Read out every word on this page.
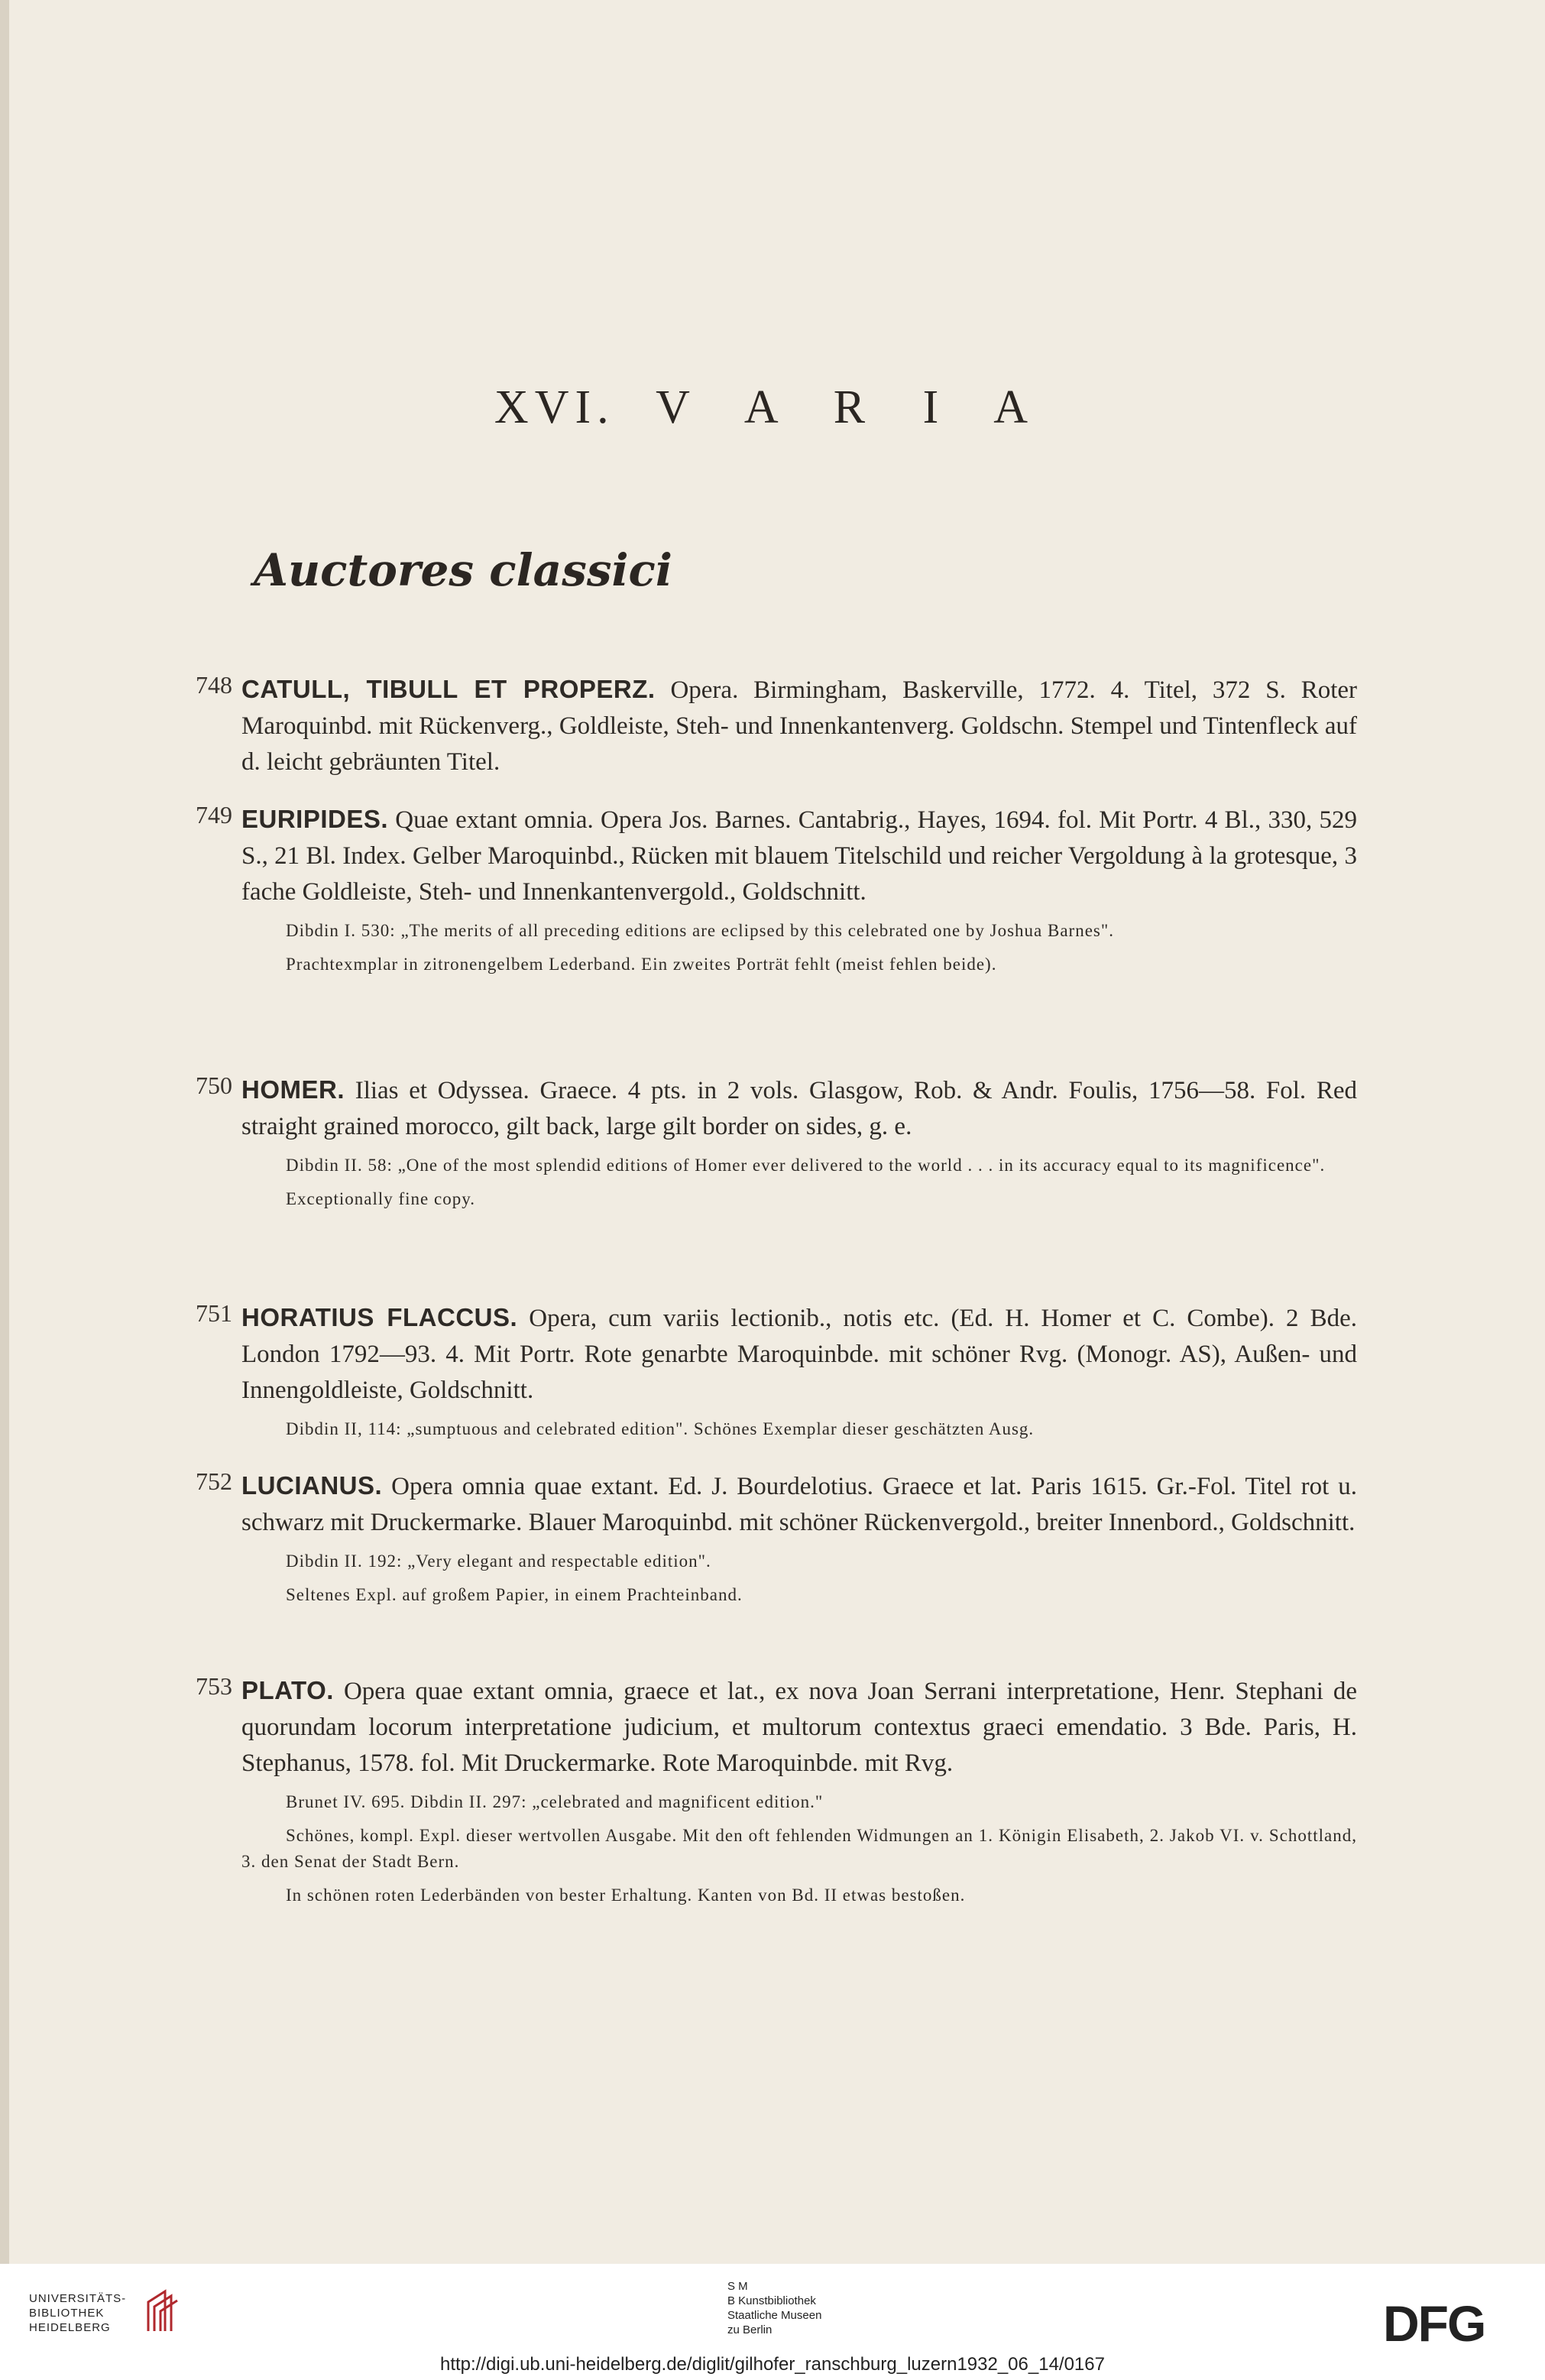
XVI. V A R I A
Auctores classici
748 CATULL, TIBULL ET PROPERZ. Opera. Birmingham, Baskerville, 1772. 4. Titel, 372 S. Roter Maroquinbd. mit Rückenverg., Goldleiste, Steh- und Innenkantenverg. Goldschn. Stempel und Tintenfleck auf d. leicht gebräunten Titel.

749 EURIPIDES. Quae extant omnia. Opera Jos. Barnes. Cantabrig., Hayes, 1694. fol. Mit Portr. 4 Bl., 330, 529 S., 21 Bl. Index. Gelber Maroquinbd., Rücken mit blauem Titelschild und reicher Vergoldung à la grotesque, 3 fache Goldleiste, Steh- und Innenkantenvergold., Goldschnitt.

Dibdin I. 530: „The merits of all preceding editions are eclipsed by this celebrated one by Joshua Barnes".

Prachtexmplar in zitronengelbem Lederband. Ein zweites Porträt fehlt (meist fehlen beide).

750 HOMER. Ilias et Odyssea. Graece. 4 pts. in 2 vols. Glasgow, Rob. & Andr. Foulis, 1756—58. Fol. Red straight grained morocco, gilt back, large gilt border on sides, g. e.

Dibdin II. 58: „One of the most splendid editions of Homer ever delivered to the world . . . in its accuracy equal to its magnificence".

Exceptionally fine copy.

751 HORATIUS FLACCUS. Opera, cum variis lectionib., notis etc. (Ed. H. Homer et C. Combe). 2 Bde. London 1792—93. 4. Mit Portr. Rote genarbte Maroquinbde. mit schöner Rvg. (Monogr. AS), Außen- und Innengoldleiste, Goldschnitt.

Dibdin II, 114: „sumptuous and celebrated edition". Schönes Exemplar dieser geschätzten Ausg.

752 LUCIANUS. Opera omnia quae extant. Ed. J. Bourdelotius. Graece et lat. Paris 1615. Gr.-Fol. Titel rot u. schwarz mit Druckermarke. Blauer Maroquinbd. mit schöner Rückenvergold., breiter Innenbord., Goldschnitt.

Dibdin II. 192: „Very elegant and respectable edition".

Seltenes Expl. auf großem Papier, in einem Prachteinband.

753 PLATO. Opera quae extant omnia, graece et lat., ex nova Joan Serrani interpretatione, Henr. Stephani de quorundam locorum interpretatione judicium, et multorum contextus graeci emendatio. 3 Bde. Paris, H. Stephanus, 1578. fol. Mit Druckermarke. Rote Maroquinbde. mit Rvg.

Brunet IV. 695. Dibdin II. 297: „celebrated and magnificent edition."

Schönes, kompl. Expl. dieser wertvollen Ausgabe. Mit den oft fehlenden Widmungen an 1. Königin Elisabeth, 2. Jakob VI. v. Schottland, 3. den Senat der Stadt Bern.

In schönen roten Lederbänden von bester Erhaltung. Kanten von Bd. II etwas bestoßen.

UNIVERSITÄTS-
BIBLIOTHEK
HEIDELBERG
S M
B Kunstbibliothek
Staatliche Museen
zu Berlin	DFG
http://digi.ub.uni-heidelberg.de/diglit/gilhofer_ranschburg_luzern1932_06_14/0167
